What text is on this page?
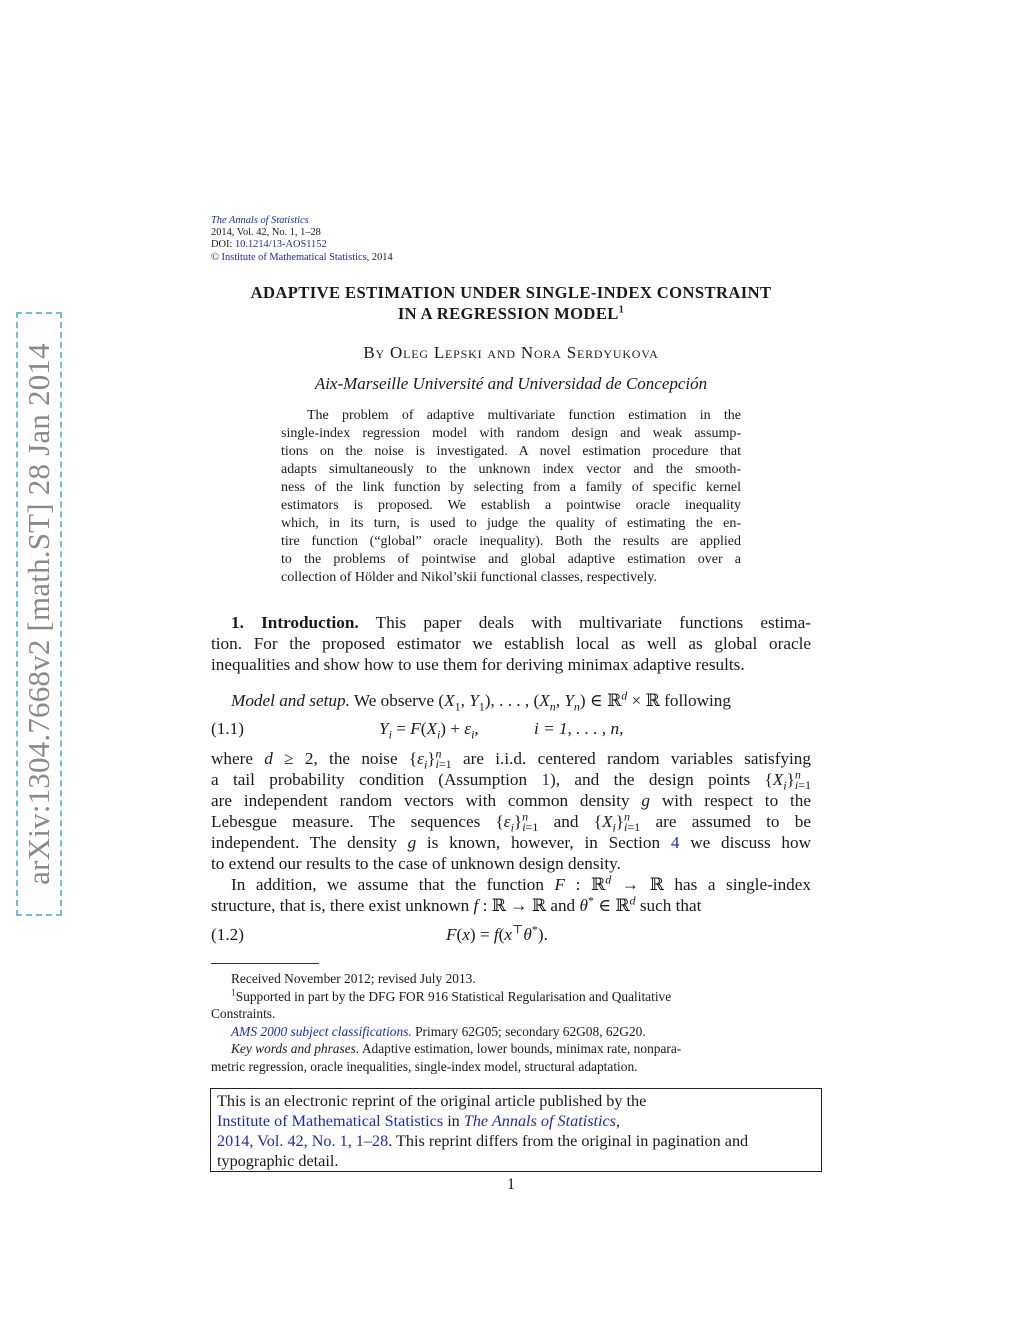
arXiv:1304.7668v2 [math.ST] 28 Jan 2014
The Annals of Statistics
2014, Vol. 42, No. 1, 1–28
DOI: 10.1214/13-AOS1152
© Institute of Mathematical Statistics, 2014
ADAPTIVE ESTIMATION UNDER SINGLE-INDEX CONSTRAINT
IN A REGRESSION MODEL$^1$
By Oleg Lepski and Nora Serdyukova
Aix-Marseille Université and Universidad de Concepción
The problem of adaptive multivariate function estimation in the
single-index regression model with random design and weak assump-
tions on the noise is investigated. A novel estimation procedure that
adapts simultaneously to the unknown index vector and the smooth-
ness of the link function by selecting from a family of specific kernel
estimators is proposed. We establish a pointwise oracle inequality
which, in its turn, is used to judge the quality of estimating the en-
tire function (“global” oracle inequality). Both the results are applied
to the problems of pointwise and global adaptive estimation over a
collection of Hölder and Nikol’skii functional classes, respectively.
1. Introduction. This paper deals with multivariate functions estima-
tion. For the proposed estimator we establish local as well as global oracle
inequalities and show how to use them for deriving minimax adaptive results.
Model and setup. We observe ($X_1$, $Y_1$), . . . , ($X_n$, $Y_n$) ∈ ℝ$^d$ × ℝ following
(1.1)	$Y_i = F(X_i) + \varepsilon_i$,	i = 1, . . . , n,
where d ≥ 2, the noise $\{\varepsilon_i\}^n_{i=1}$ are i.i.d. centered random variables satisfying
a tail probability condition (Assumption 1), and the design points $\{X_i\}^n_{i=1}$
are independent random vectors with common density g with respect to the
Lebesgue measure. The sequences $\{\varepsilon_i\}^n_{i=1}$ and $\{X_i\}^n_{i=1}$ are assumed to be
independent. The density g is known, however, in Section 4 we discuss how
to extend our results to the case of unknown design density.
In addition, we assume that the function F : ℝ$^d$ → ℝ has a single-index
structure, that is, there exist unknown f : ℝ → ℝ and θ* ∈ ℝ$^d$ such that
(1.2)	F(x) = f(x⊤θ*).
Received November 2012; revised July 2013.
$^1$Supported in part by the DFG FOR 916 Statistical Regularisation and Qualitative
Constraints.
AMS 2000 subject classifications. Primary 62G05; secondary 62G08, 62G20.
Key words and phrases. Adaptive estimation, lower bounds, minimax rate, nonpara-
metric regression, oracle inequalities, single-index model, structural adaptation.
This is an electronic reprint of the original article published by the
Institute of Mathematical Statistics in The Annals of Statistics,
2014, Vol. 42, No. 1, 1–28. This reprint differs from the original in pagination and
typographic detail.
1
